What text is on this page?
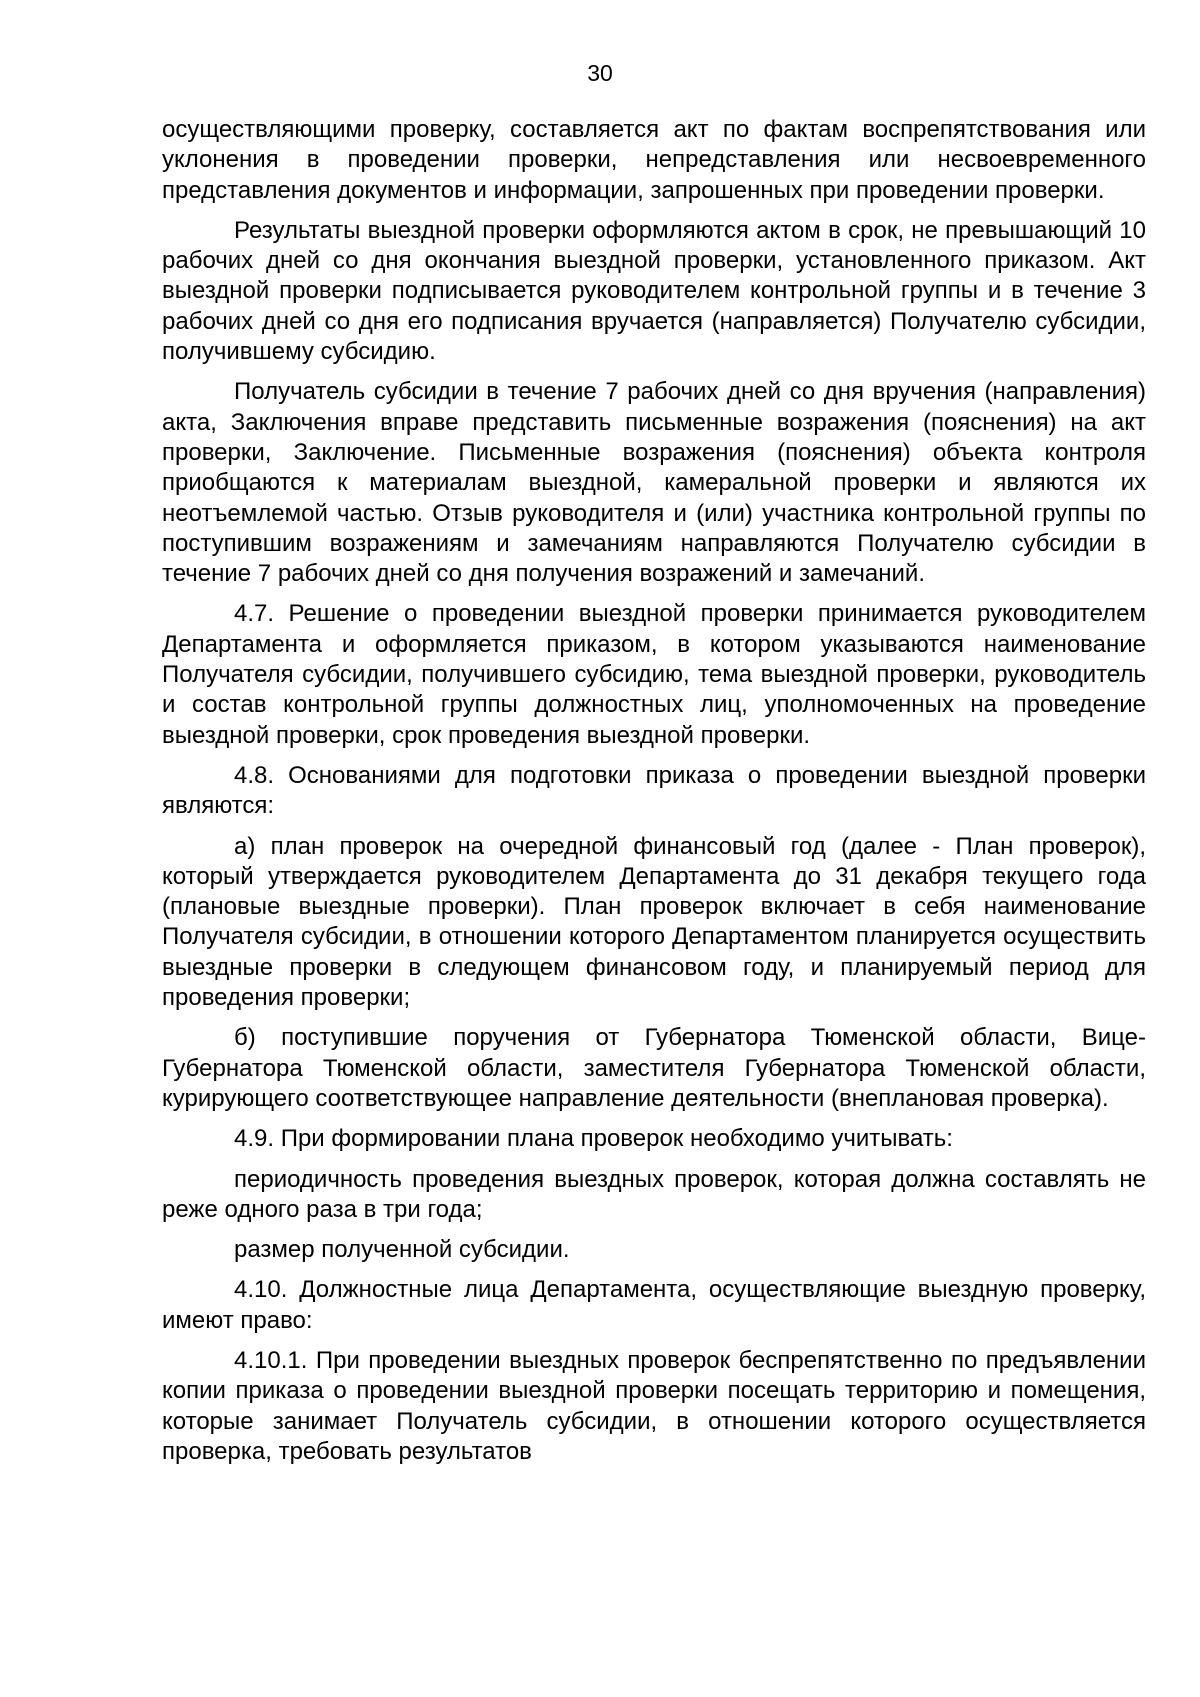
30

осуществляющими проверку, составляется акт по фактам воспрепятствования или уклонения в проведении проверки, непредставления или несвоевременного представления документов и информации, запрошенных при проведении проверки.

Результаты выездной проверки оформляются актом в срок, не превышающий 10 рабочих дней со дня окончания выездной проверки, установленного приказом. Акт выездной проверки подписывается руководителем контрольной группы и в течение 3 рабочих дней со дня его подписания вручается (направляется) Получателю субсидии, получившему субсидию.

Получатель субсидии в течение 7 рабочих дней со дня вручения (направления) акта, Заключения вправе представить письменные возражения (пояснения) на акт проверки, Заключение. Письменные возражения (пояснения) объекта контроля приобщаются к материалам выездной, камеральной проверки и являются их неотъемлемой частью. Отзыв руководителя и (или) участника контрольной группы по поступившим возражениям и замечаниям направляются Получателю субсидии в течение 7 рабочих дней со дня получения возражений и замечаний.

4.7. Решение о проведении выездной проверки принимается руководителем Департамента и оформляется приказом, в котором указываются наименование Получателя субсидии, получившего субсидию, тема выездной проверки, руководитель и состав контрольной группы должностных лиц, уполномоченных на проведение выездной проверки, срок проведения выездной проверки.

4.8. Основаниями для подготовки приказа о проведении выездной проверки являются:

а) план проверок на очередной финансовый год (далее - План проверок), который утверждается руководителем Департамента до 31 декабря текущего года (плановые выездные проверки). План проверок включает в себя наименование Получателя субсидии, в отношении которого Департаментом планируется осуществить выездные проверки в следующем финансовом году, и планируемый период для проведения проверки;

б) поступившие поручения от Губернатора Тюменской области, Вице-Губернатора Тюменской области, заместителя Губернатора Тюменской области, курирующего соответствующее направление деятельности (внеплановая проверка).

4.9. При формировании плана проверок необходимо учитывать:

периодичность проведения выездных проверок, которая должна составлять не реже одного раза в три года;

размер полученной субсидии.

4.10. Должностные лица Департамента, осуществляющие выездную проверку, имеют право:

4.10.1. При проведении выездных проверок беспрепятственно по предъявлении копии приказа о проведении выездной проверки посещать территорию и помещения, которые занимает Получатель субсидии, в отношении которого осуществляется проверка, требовать результатов
